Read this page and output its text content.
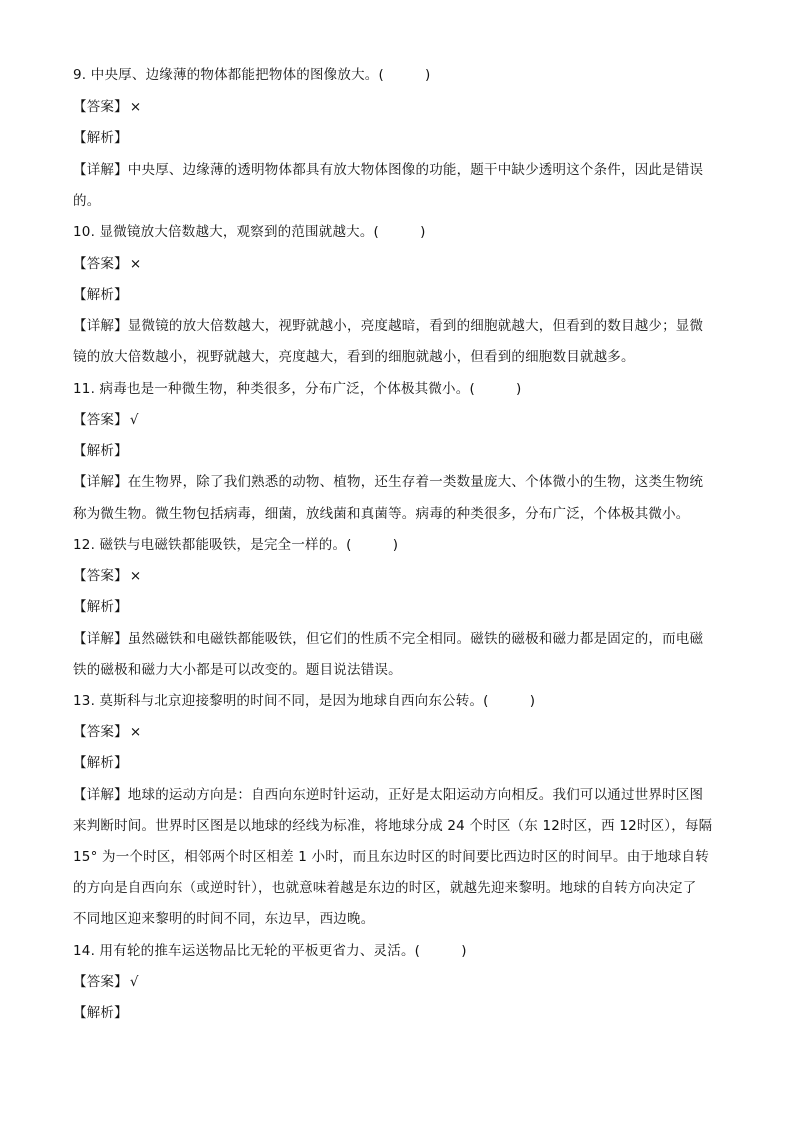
9. 中央厚、边缘薄的物体都能把物体的图像放大。(　　　)
【答案】 ×
【解析】
【详解】中央厚、边缘薄的透明物体都具有放大物体图像的功能，题干中缺少透明这个条件，因此是错误
的。
10. 显微镜放大倍数越大，观察到的范围就越大。(　　　)
【答案】 ×
【解析】
【详解】显微镜的放大倍数越大，视野就越小，亮度越暗，看到的细胞就越大，但看到的数目越少；显微
镜的放大倍数越小，视野就越大，亮度越大，看到的细胞就越小，但看到的细胞数目就越多。
11. 病毒也是一种微生物，种类很多，分布广泛，个体极其微小。(　　　)
【答案】 √
【解析】
【详解】在生物界，除了我们熟悉的动物、植物，还生存着一类数量庞大、个体微小的生物，这类生物统
称为微生物。微生物包括病毒，细菌，放线菌和真菌等。病毒的种类很多，分布广泛，个体极其微小。
12. 磁铁与电磁铁都能吸铁，是完全一样的。(　　　)
【答案】 ×
【解析】
【详解】虽然磁铁和电磁铁都能吸铁，但它们的性质不完全相同。磁铁的磁极和磁力都是固定的，而电磁
铁的磁极和磁力大小都是可以改变的。题目说法错误。
13. 莫斯科与北京迎接黎明的时间不同，是因为地球自西向东公转。(　　　)
【答案】 ×
【解析】
【详解】地球的运动方向是：自西向东逆时针运动，正好是太阳运动方向相反。我们可以通过世界时区图
来判断时间。世界时区图是以地球的经线为标准，将地球分成 24 个时区（东 12时区，西 12时区），每隔
15° 为一个时区，相邻两个时区相差 1 小时，而且东边时区的时间要比西边时区的时间早。由于地球自转
的方向是自西向东（或逆时针），也就意味着越是东边的时区，就越先迎来黎明。地球的自转方向决定了
不同地区迎来黎明的时间不同，东边早，西边晚。
14. 用有轮的推车运送物品比无轮的平板更省力、灵活。(　　　)
【答案】 √
【解析】
